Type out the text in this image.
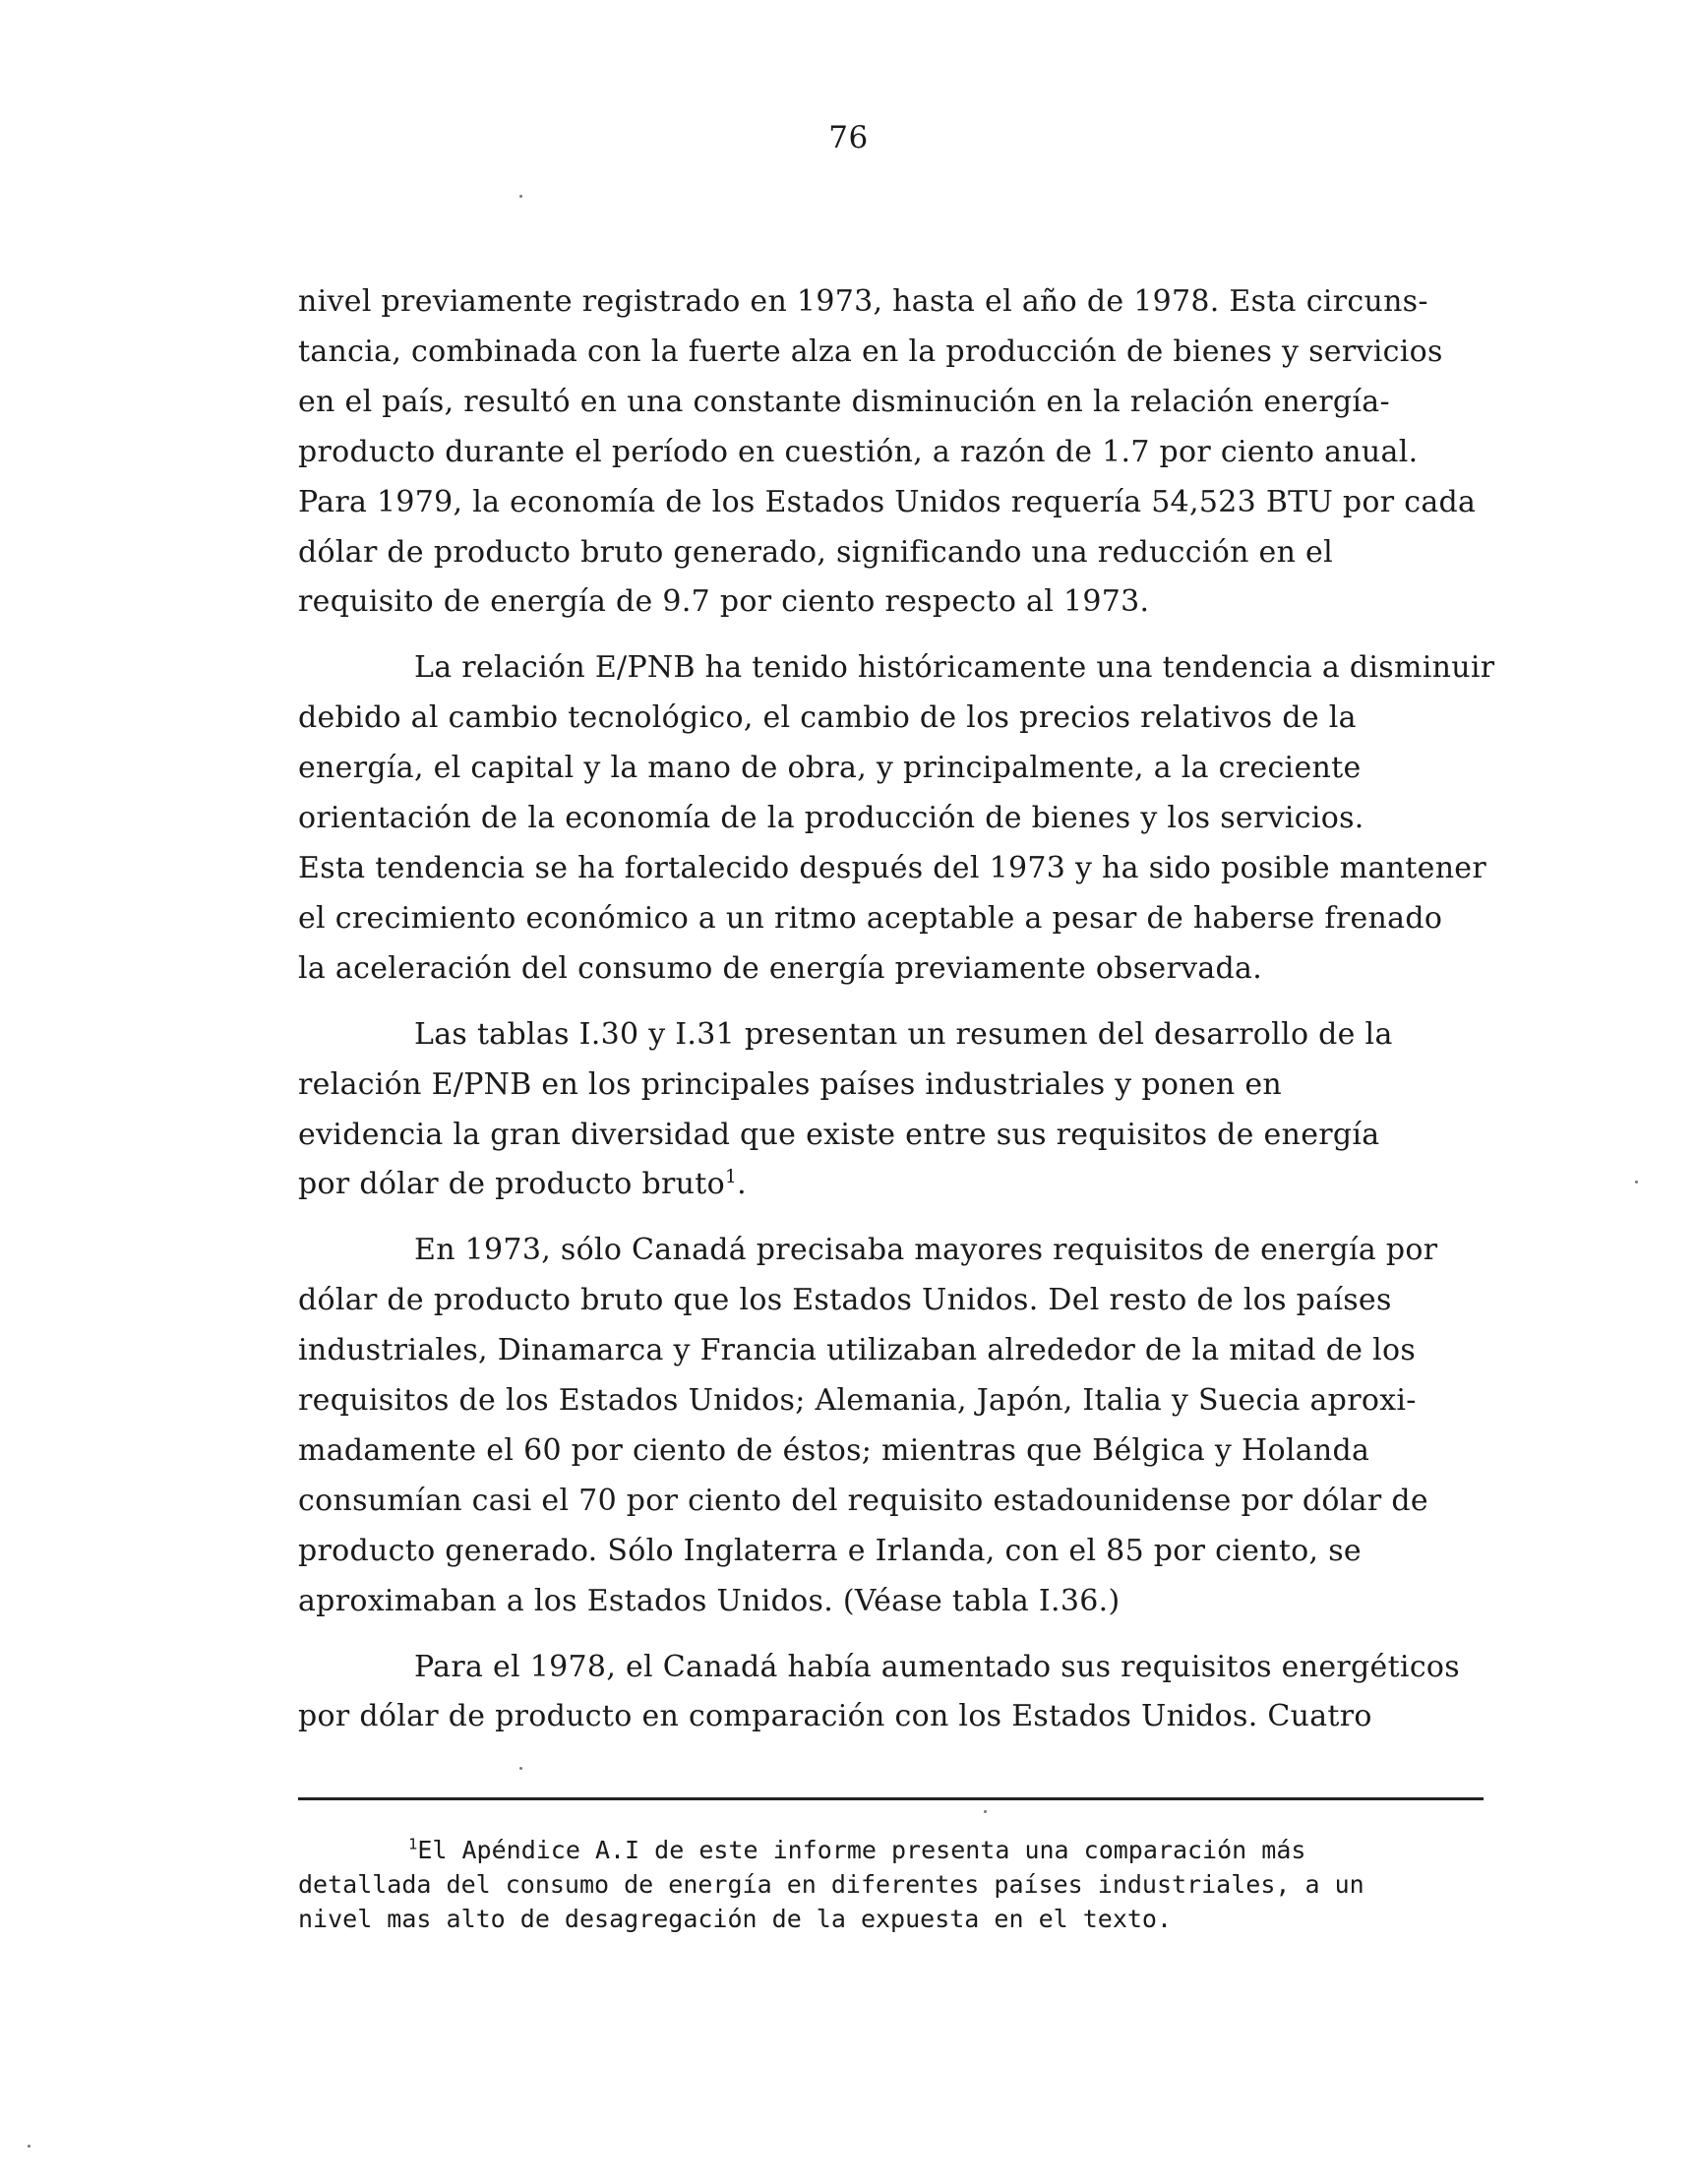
76

nivel previamente registrado en 1973, hasta el año de 1978. Esta circuns-
tancia, combinada con la fuerte alza en la producción de bienes y servicios
en el país, resultó en una constante disminución en la relación energía-
producto durante el período en cuestión, a razón de 1.7 por ciento anual.
Para 1979, la economía de los Estados Unidos requería 54,523 BTU por cada
dólar de producto bruto generado, significando una reducción en el
requisito de energía de 9.7 por ciento respecto al 1973.

La relación E/PNB ha tenido históricamente una tendencia a disminuir
debido al cambio tecnológico, el cambio de los precios relativos de la
energía, el capital y la mano de obra, y principalmente, a la creciente
orientación de la economía de la producción de bienes y los servicios.
Esta tendencia se ha fortalecido después del 1973 y ha sido posible mantener
el crecimiento económico a un ritmo aceptable a pesar de haberse frenado
la aceleración del consumo de energía previamente observada.

Las tablas I.30 y I.31 presentan un resumen del desarrollo de la
relación E/PNB en los principales países industriales y ponen en
evidencia la gran diversidad que existe entre sus requisitos de energía
por dólar de producto bruto$^1$.

En 1973, sólo Canadá precisaba mayores requisitos de energía por
dólar de producto bruto que los Estados Unidos. Del resto de los países
industriales, Dinamarca y Francia utilizaban alrededor de la mitad de los
requisitos de los Estados Unidos; Alemania, Japón, Italia y Suecia aproxi-
madamente el 60 por ciento de éstos; mientras que Bélgica y Holanda
consumían casi el 70 por ciento del requisito estadounidense por dólar de
producto generado. Sólo Inglaterra e Irlanda, con el 85 por ciento, se
aproximaban a los Estados Unidos. (Véase tabla I.36.)

Para el 1978, el Canadá había aumentado sus requisitos energéticos
por dólar de producto en comparación con los Estados Unidos. Cuatro

$^1$El Apéndice A.I de este informe presenta una comparación más
detallada del consumo de energía en diferentes países industriales, a un
nivel mas alto de desagregación de la expuesta en el texto.
